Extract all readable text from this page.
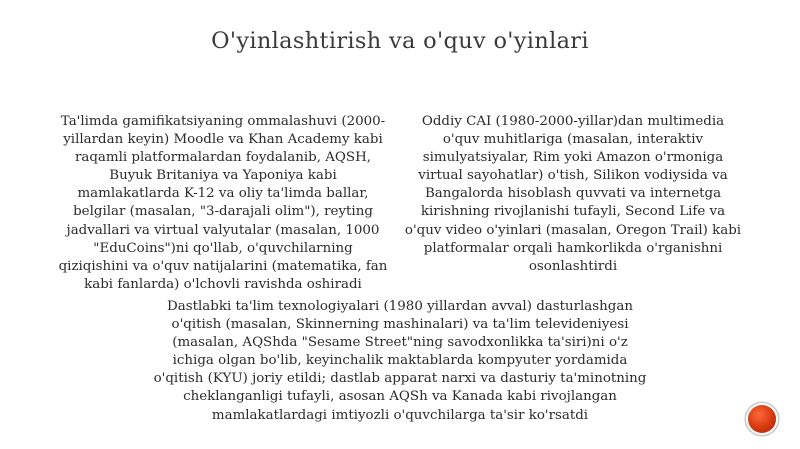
O'yinlashtirish va o'quv o'yinlari
Ta'limda gamifikatsiyaning ommalashuvi (2000-yillardan keyin) Moodle va Khan Academy kabi raqamli platformalardan foydalanib, AQSH, Buyuk Britaniya va Yaponiya kabi mamlakatlarda K-12 va oliy ta'limda ballar, belgilar (masalan, "3-darajali olim"), reyting jadvallari va virtual valyutalar (masalan, 1000 "EduCoins")ni qo'llab, o'quvchilarning qiziqishini va o'quv natijalarini (matematika, fan kabi fanlarda) o'lchovli ravishda oshiradi
Oddiy CAI (1980-2000-yillar)dan multimedia o'quv muhitlariga (masalan, interaktiv simulyatsiyalar, Rim yoki Amazon o'rmoniga virtual sayohatlar) o'tish, Silikon vodiysida va Bangalorda hisoblash quvvati va internetga kirishning rivojlanishi tufayli, Second Life va o'quv video o'yinlari (masalan, Oregon Trail) kabi platformalar orqali hamkorlikda o'rganishni osonlashtirdi
Dastlabki ta'lim texnologiyalari (1980 yillardan avval) dasturlashgan o'qitish (masalan, Skinnerning mashinalari) va ta'lim televideniyesi (masalan, AQShda "Sesame Street"ning savodxonlikka ta'siri)ni o'z ichiga olgan bo'lib, keyinchalik maktablarda kompyuter yordamida o'qitish (KYU) joriy etildi; dastlab apparat narxi va dasturiy ta'minotning cheklanganligi tufayli, asosan AQSh va Kanada kabi rivojlangan mamlakatlardagi imtiyozli o'quvchilarga ta'sir ko'rsatdi
